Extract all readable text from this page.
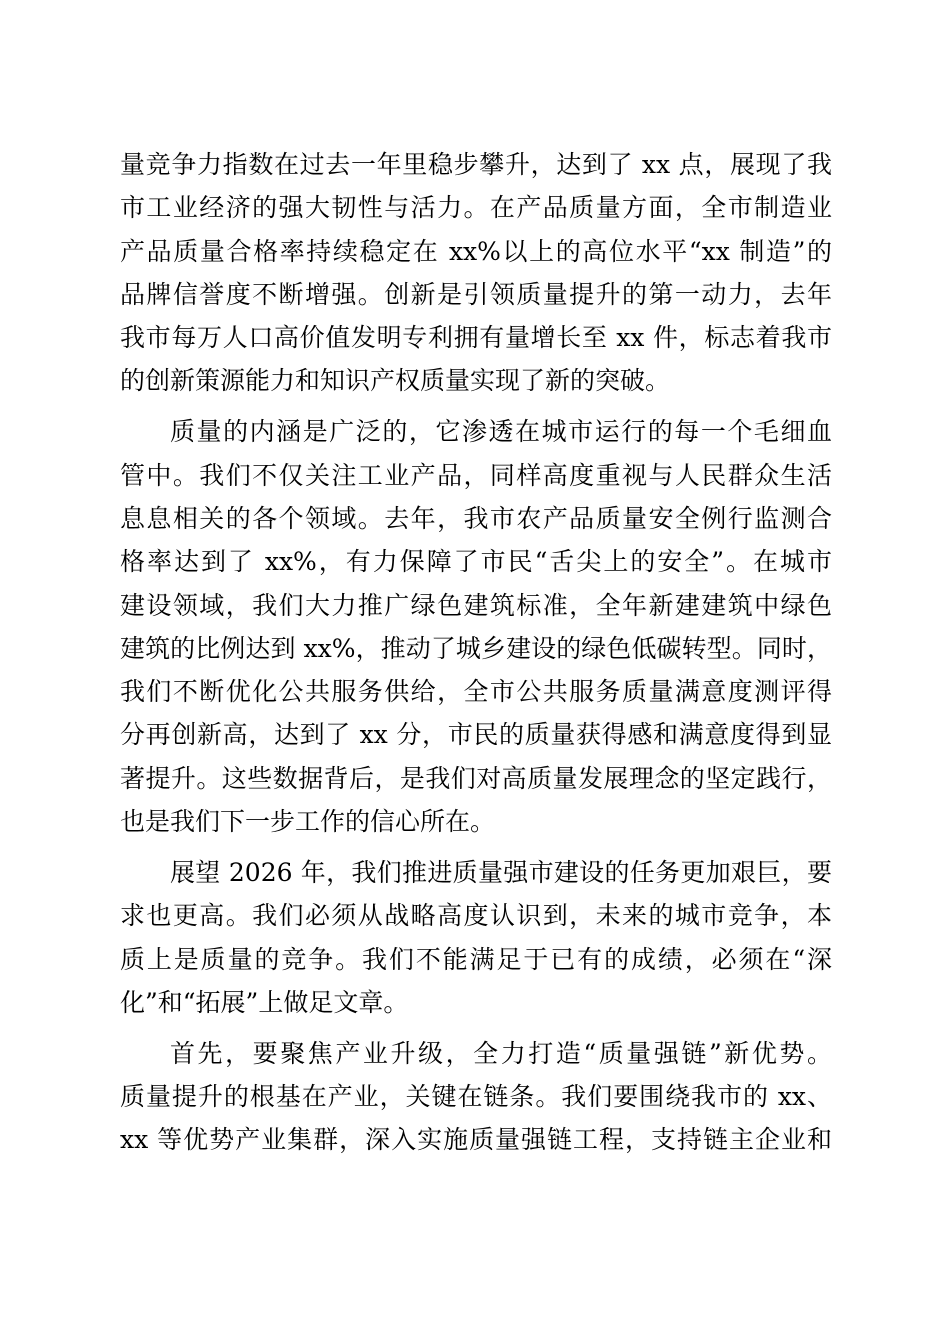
量竞争力指数在过去一年里稳步攀升，达到了 xx 点，展现了我
市工业经济的强大韧性与活力。在产品质量方面，全市制造业
产品质量合格率持续稳定在 xx%以上的高位水平“xx 制造”的
品牌信誉度不断增强。创新是引领质量提升的第一动力，去年
我市每万人口高价值发明专利拥有量增长至 xx 件，标志着我市
的创新策源能力和知识产权质量实现了新的突破。
质量的内涵是广泛的，它渗透在城市运行的每一个毛细血
管中。我们不仅关注工业产品，同样高度重视与人民群众生活
息息相关的各个领域。去年，我市农产品质量安全例行监测合
格率达到了 xx%，有力保障了市民“舌尖上的安全”。在城市
建设领域，我们大力推广绿色建筑标准，全年新建建筑中绿色
建筑的比例达到 xx%，推动了城乡建设的绿色低碳转型。同时，
我们不断优化公共服务供给，全市公共服务质量满意度测评得
分再创新高，达到了 xx 分，市民的质量获得感和满意度得到显
著提升。这些数据背后，是我们对高质量发展理念的坚定践行，
也是我们下一步工作的信心所在。
展望 2026 年，我们推进质量强市建设的任务更加艰巨，要
求也更高。我们必须从战略高度认识到，未来的城市竞争，本
质上是质量的竞争。我们不能满足于已有的成绩，必须在“深
化”和“拓展”上做足文章。
首先，要聚焦产业升级，全力打造“质量强链”新优势。
质量提升的根基在产业，关键在链条。我们要围绕我市的 xx、
xx 等优势产业集群，深入实施质量强链工程，支持链主企业和
